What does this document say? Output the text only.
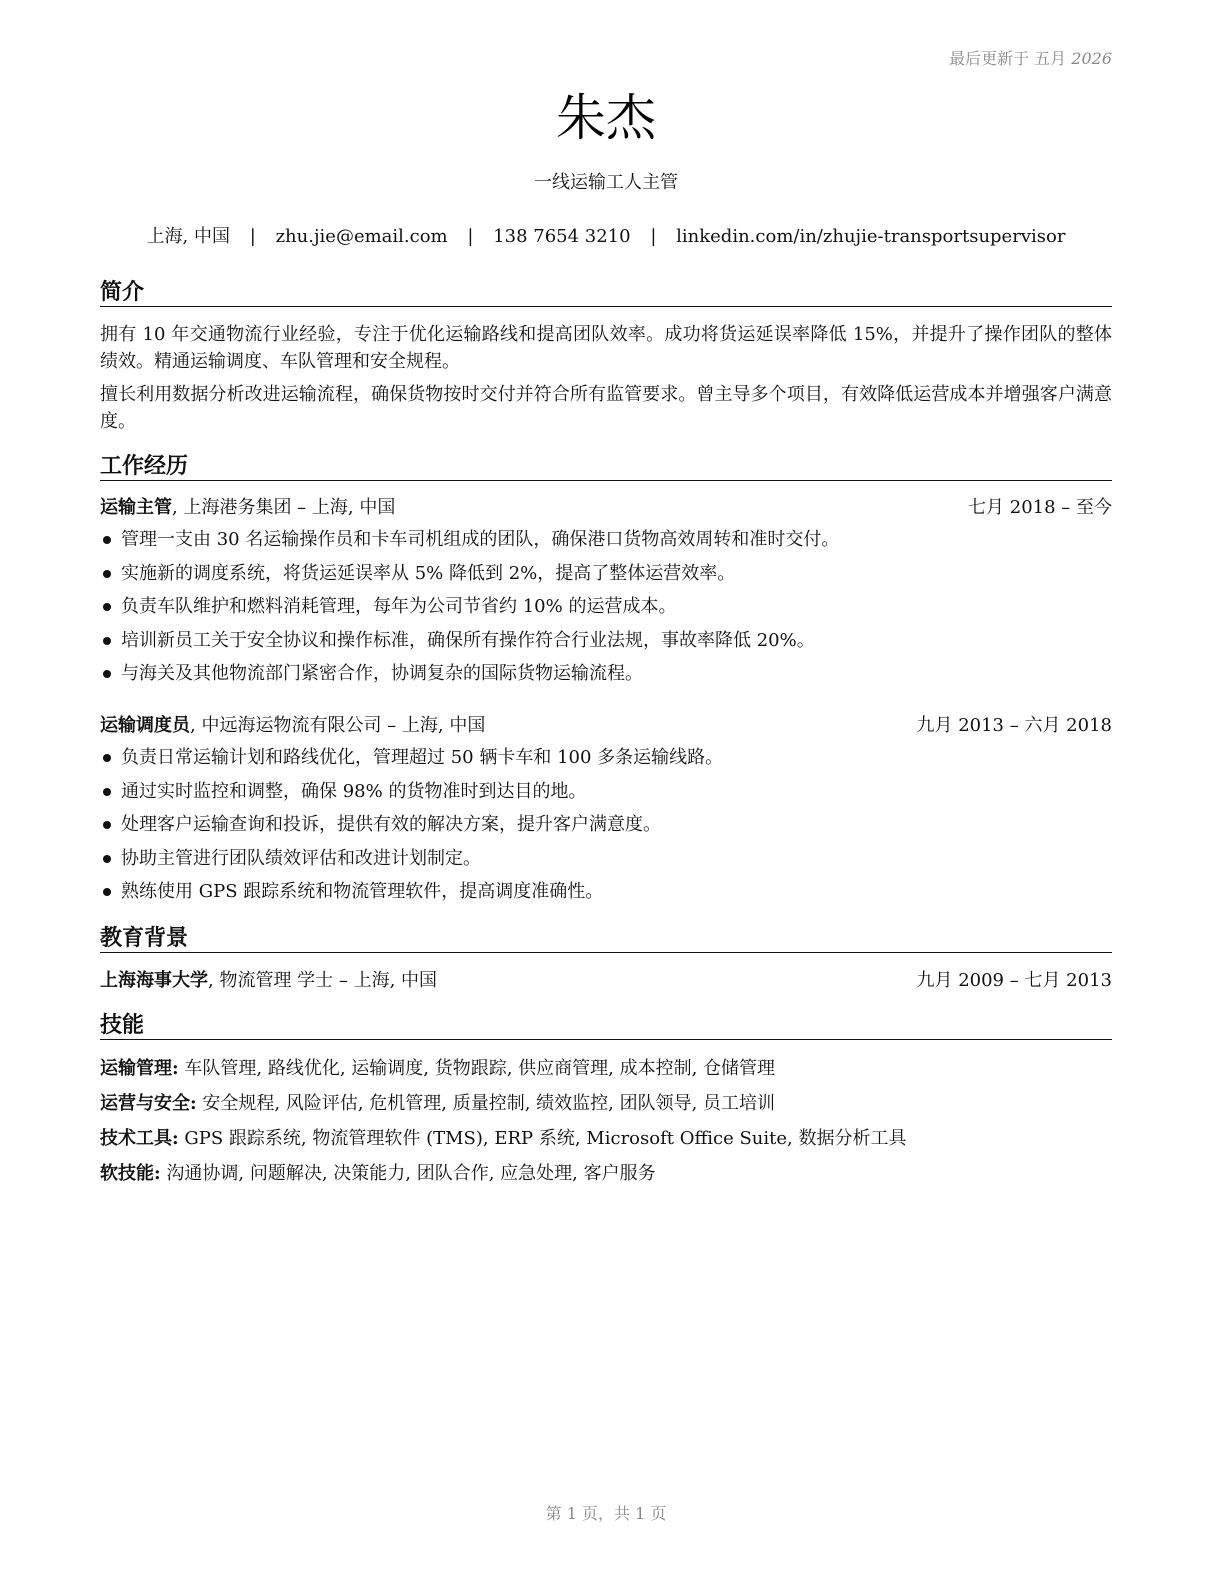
最后更新于 五月 2026
朱杰
一线运输工人主管
上海, 中国 | zhu.jie@email.com | 138 7654 3210 | linkedin.com/in/zhujie-transportsupervisor
简介
拥有 10 年交通物流行业经验，专注于优化运输路线和提高团队效率。成功将货运延误率降低 15%，并提升了操作团队的整体绩效。精通运输调度、车队管理和安全规程。
擅长利用数据分析改进运输流程，确保货物按时交付并符合所有监管要求。曾主导多个项目，有效降低运营成本并增强客户满意度。
工作经历
运输主管, 上海港务集团 – 上海, 中国	七月 2018 – 至今
管理一支由 30 名运输操作员和卡车司机组成的团队，确保港口货物高效周转和准时交付。
实施新的调度系统，将货运延误率从 5% 降低到 2%，提高了整体运营效率。
负责车队维护和燃料消耗管理，每年为公司节省约 10% 的运营成本。
培训新员工关于安全协议和操作标准，确保所有操作符合行业法规，事故率降低 20%。
与海关及其他物流部门紧密合作，协调复杂的国际货物运输流程。
运输调度员, 中远海运物流有限公司 – 上海, 中国	九月 2013 – 六月 2018
负责日常运输计划和路线优化，管理超过 50 辆卡车和 100 多条运输线路。
通过实时监控和调整，确保 98% 的货物准时到达目的地。
处理客户运输查询和投诉，提供有效的解决方案，提升客户满意度。
协助主管进行团队绩效评估和改进计划制定。
熟练使用 GPS 跟踪系统和物流管理软件，提高调度准确性。
教育背景
上海海事大学, 物流管理 学士 – 上海, 中国	九月 2009 – 七月 2013
技能
运输管理: 车队管理, 路线优化, 运输调度, 货物跟踪, 供应商管理, 成本控制, 仓储管理
运营与安全: 安全规程, 风险评估, 危机管理, 质量控制, 绩效监控, 团队领导, 员工培训
技术工具: GPS 跟踪系统, 物流管理软件 (TMS), ERP 系统, Microsoft Office Suite, 数据分析工具
软技能: 沟通协调, 问题解决, 决策能力, 团队合作, 应急处理, 客户服务
第 1 页，共 1 页
